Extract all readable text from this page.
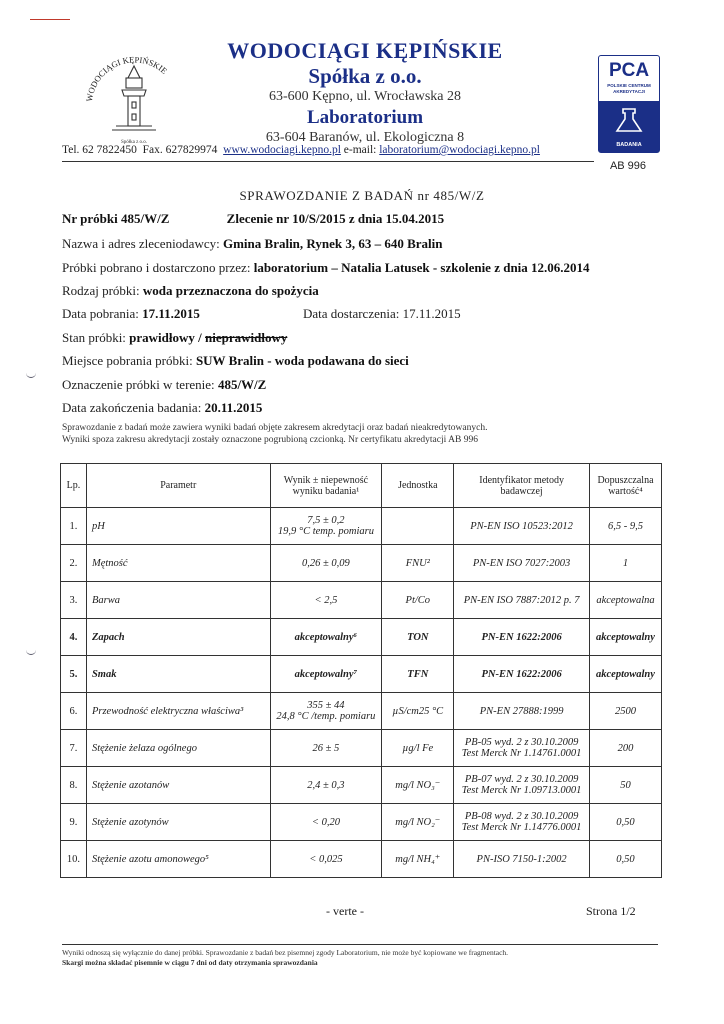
WODOCIĄGI KĘPIŃSKIE
Spółka z o.o.
WODOCIĄGI KĘPIŃSKIE
Spółka z o.o.
63-600 Kępno, ul. Wrocławska 28
Laboratorium
63-604 Baranów, ul. Ekologiczna 8
Tel. 62 7822450 Fax. 627829974 www.wodociagi.kepno.pl e-mail: laboratorium@wodociagi.kepno.pl
PCA
POLSKIE CENTRUM
AKREDYTACJI
BADANIA
AB 996
SPRAWOZDANIE Z BADAŃ nr 485/W/Z
Nr próbki 485/W/Z	Zlecenie nr 10/S/2015 z dnia 15.04.2015
Nazwa i adres zleceniodawcy: Gmina Bralin, Rynek 3, 63 – 640 Bralin
Próbki pobrano i dostarczono przez: laboratorium – Natalia Latusek - szkolenie z dnia 12.06.2014
Rodzaj próbki: woda przeznaczona do spożycia
Data pobrania: 17.11.2015	Data dostarczenia: 17.11.2015
Stan próbki: prawidłowy / nieprawidłowy
Miejsce pobrania próbki: SUW Bralin - woda podawana do sieci
Oznaczenie próbki w terenie: 485/W/Z
Data zakończenia badania: 20.11.2015
Sprawozdanie z badań może zawiera wyniki badań objęte zakresem akredytacji oraz badań nieakredytowanych.
Wyniki spoza zakresu akredytacji zostały oznaczone pogrubioną czcionką. Nr certyfikatu akredytacji AB 996
Lp.	Parametr	Wynik ± niepewność
wyniku badania¹	Jednostka	Identyfikator metody
badawczej	Dopuszczalna
wartość⁴
1.	pH	7,5 ± 0,2
19,9 °C temp. pomiaru		PN-EN ISO 10523:2012	6,5 - 9,5
2.	Mętność	0,26 ± 0,09	FNU²	PN-EN ISO 7027:2003	1
3.	Barwa	< 2,5	Pt/Co	PN-EN ISO 7887:2012 p. 7	akceptowalna
4.	Zapach	akceptowalny⁶	TON	PN-EN 1622:2006	akceptowalny
5.	Smak	akceptowalny⁷	TFN	PN-EN 1622:2006	akceptowalny
6.	Przewodność elektryczna właściwa³	355 ± 44
24,8 °C /temp. pomiaru	µS/cm25 °C	PN-EN 27888:1999	2500
7.	Stężenie żelaza ogólnego	26 ± 5	µg/l Fe	PB-05 wyd. 2 z 30.10.2009
Test Merck Nr 1.14761.0001	200
8.	Stężenie azotanów	2,4 ± 0,3	mg/l NO₃⁻	PB-07 wyd. 2 z 30.10.2009
Test Merck Nr 1.09713.0001	50
9.	Stężenie azotynów	< 0,20	mg/l NO₂⁻	PB-08 wyd. 2 z 30.10.2009
Test Merck Nr 1.14776.0001	0,50
10.	Stężenie azotu amonowego⁵	< 0,025	mg/l NH₄⁺	PN-ISO 7150-1:2002	0,50
- verte -	Strona 1/2
Wyniki odnoszą się wyłącznie do danej próbki. Sprawozdanie z badań bez pisemnej zgody Laboratorium, nie może być kopiowane we fragmentach.
Skargi można składać pisemnie w ciągu 7 dni od daty otrzymania sprawozdania
